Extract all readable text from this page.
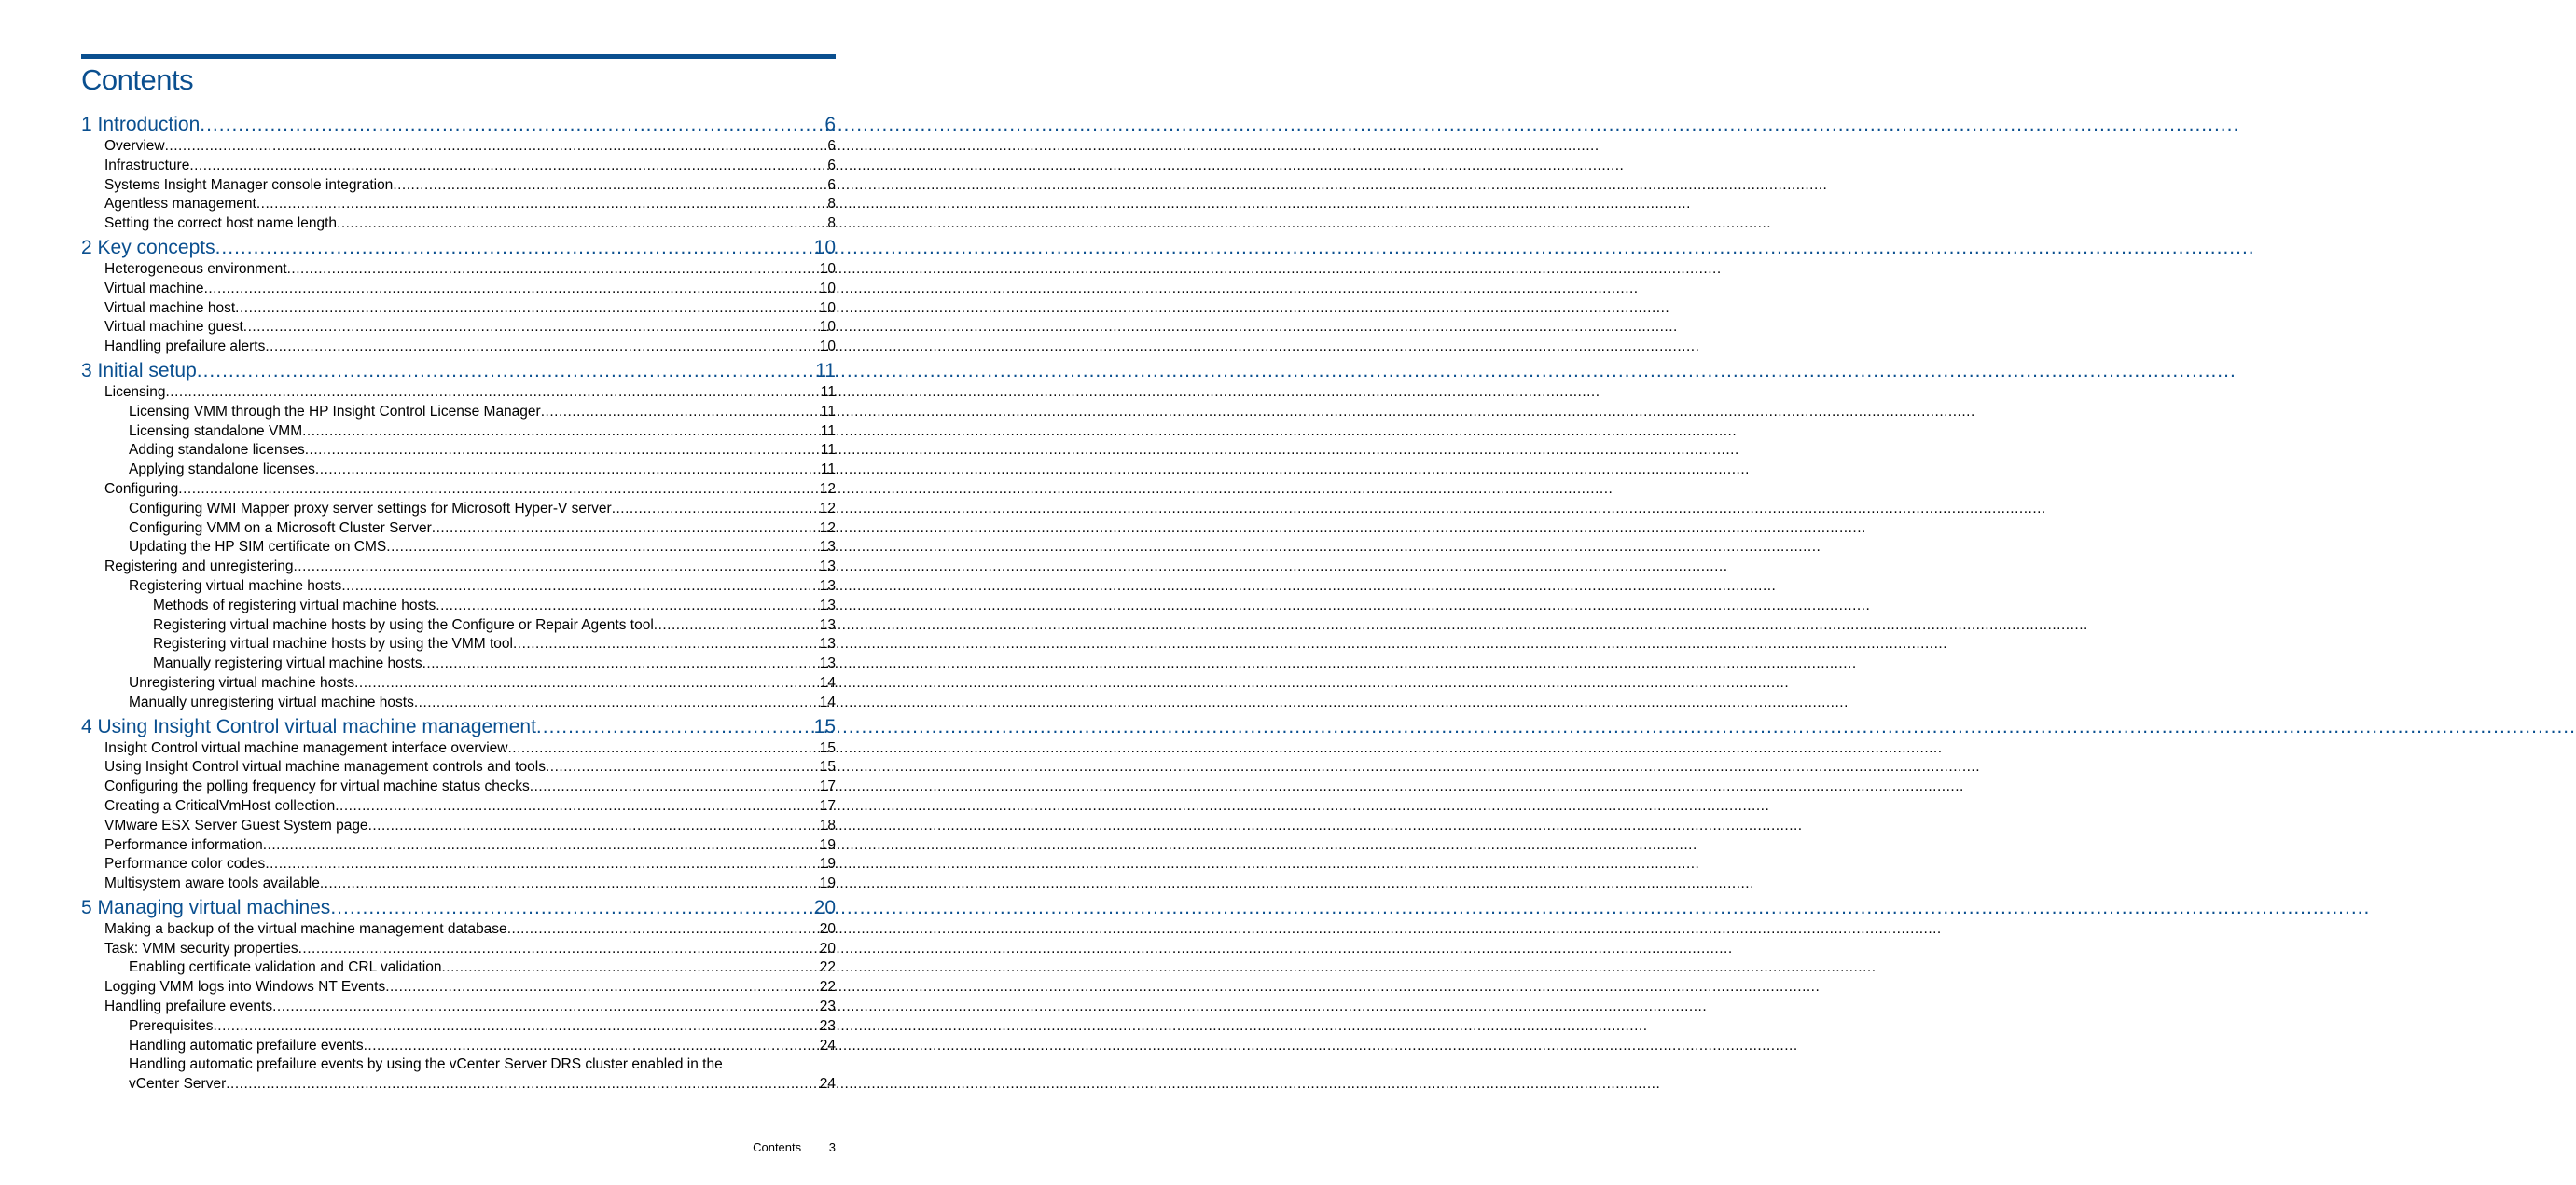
Contents
1 Introduction .....	6
Overview .....	6
Infrastructure .....	6
Systems Insight Manager console integration .....	6
Agentless management .....	8
Setting the correct host name length .....	8
2 Key concepts .....	10
Heterogeneous environment .....	10
Virtual machine .....	10
Virtual machine host .....	10
Virtual machine guest .....	10
Handling prefailure alerts .....	10
3 Initial setup .....	11
Licensing .....	11
Licensing VMM through the HP Insight Control License Manager .....	11
Licensing standalone VMM .....	11
Adding standalone licenses .....	11
Applying standalone licenses .....	11
Configuring .....	12
Configuring WMI Mapper proxy server settings for Microsoft Hyper-V server .....	12
Configuring VMM on a Microsoft Cluster Server .....	12
Updating the HP SIM certificate on CMS .....	13
Registering and unregistering .....	13
Registering virtual machine hosts .....	13
Methods of registering virtual machine hosts .....	13
Registering virtual machine hosts by using the Configure or Repair Agents tool .....	13
Registering virtual machine hosts by using the VMM tool .....	13
Manually registering virtual machine hosts .....	13
Unregistering virtual machine hosts .....	14
Manually unregistering virtual machine hosts .....	14
4 Using Insight Control virtual machine management .....	15
Insight Control virtual machine management interface overview .....	15
Using Insight Control virtual machine management controls and tools .....	15
Configuring the polling frequency for virtual machine status checks .....	17
Creating a CriticalVmHost collection .....	17
VMware ESX Server Guest System page .....	18
Performance information .....	19
Performance color codes .....	19
Multisystem aware tools available .....	19
5 Managing virtual machines .....	20
Making a backup of the virtual machine management database .....	20
Task: VMM security properties .....	20
Enabling certificate validation and CRL validation .....	22
Logging VMM logs into Windows NT Events .....	22
Handling prefailure events .....	23
Prerequisites .....	23
Handling automatic prefailure events .....	24
Handling automatic prefailure events by using the vCenter Server DRS cluster enabled in the
vCenter Server .....	24
Contents 3
